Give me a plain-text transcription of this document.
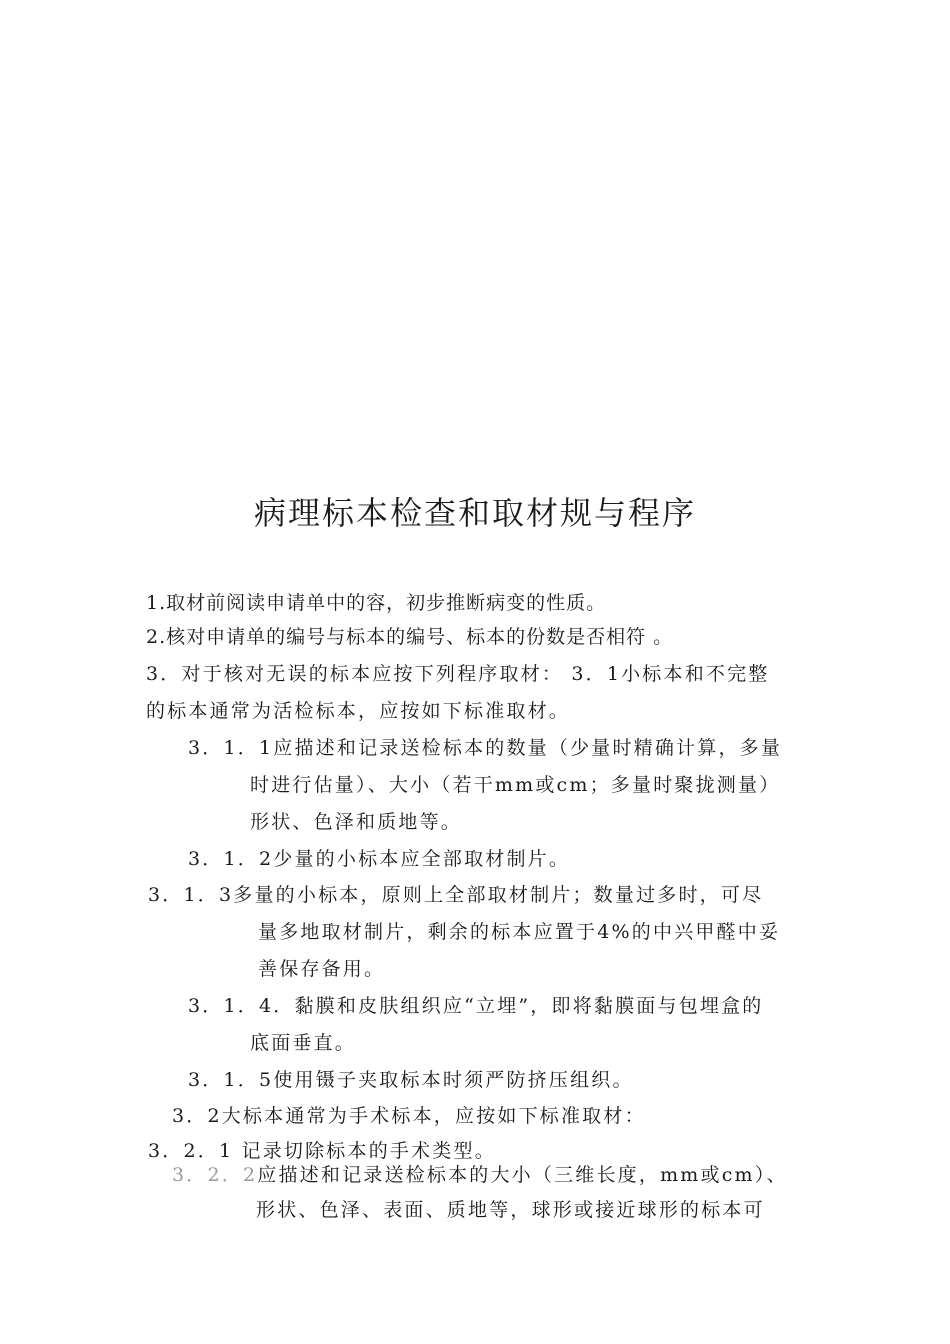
病理标本检查和取材规与程序
1.取材前阅读申请单中的容，初步推断病变的性质。
2.核对申请单的编号与标本的编号、标本的份数是否相符 。
3．对于核对无误的标本应按下列程序取材： 3．1小标本和不完整
的标本通常为活检标本，应按如下标准取材。
3．1．1应描述和记录送检标本的数量（少量时精确计算，多量
时进行估量）、大小（若干mm或cm；多量时聚拢测量）
形状、色泽和质地等。
3．1．2少量的小标本应全部取材制片。
3．1．3多量的小标本，原则上全部取材制片；数量过多时，可尽
量多地取材制片，剩余的标本应置于4%的中兴甲醛中妥
善保存备用。
3．1．4．黏膜和皮肤组织应“立埋”，即将黏膜面与包埋盒的
底面垂直。
3．1．5使用镊子夹取标本时须严防挤压组织。
3．2大标本通常为手术标本，应按如下标准取材：
3．2．1 记录切除标本的手术类型。
3．2．2应描述和记录送检标本的大小（三维长度，mm或cm）、
形状、色泽、表面、质地等，球形或接近球形的标本可
